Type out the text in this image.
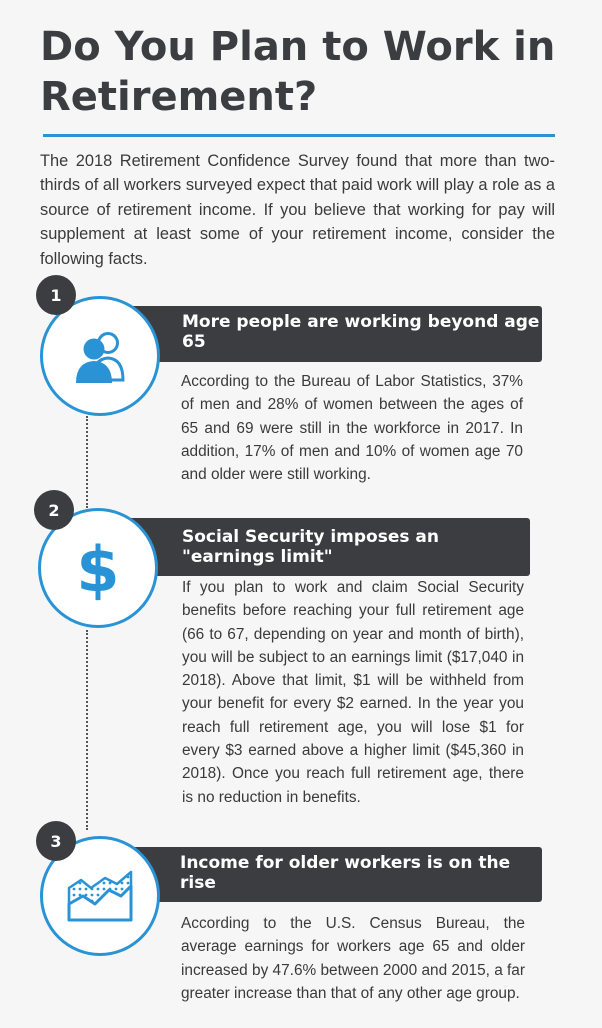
Do You Plan to Work in Retirement?

The 2018 Retirement Confidence Survey found that more than two-thirds of all workers surveyed expect that paid work will play a role as a source of retirement income. If you believe that working for pay will supplement at least some of your retirement income, consider the following facts.

More people are working beyond age 65
1

According to the Bureau of Labor Statistics, 37% of men and 28% of women between the ages of 65 and 69 were still in the workforce in 2017. In addition, 17% of men and 10% of women age 70 and older were still working.

Social Security imposes an "earnings limit"
$
2

If you plan to work and claim Social Security benefits before reaching your full retirement age (66 to 67, depending on year and month of birth), you will be subject to an earnings limit ($17,040 in 2018). Above that limit, $1 will be withheld from your benefit for every $2 earned. In the year you reach full retirement age, you will lose $1 for every $3 earned above a higher limit ($45,360 in 2018). Once you reach full retirement age, there is no reduction in benefits.

Income for older workers is on the rise
3

According to the U.S. Census Bureau, the average earnings for workers age 65 and older increased by 47.6% between 2000 and 2015, a far greater increase than that of any other age group.
